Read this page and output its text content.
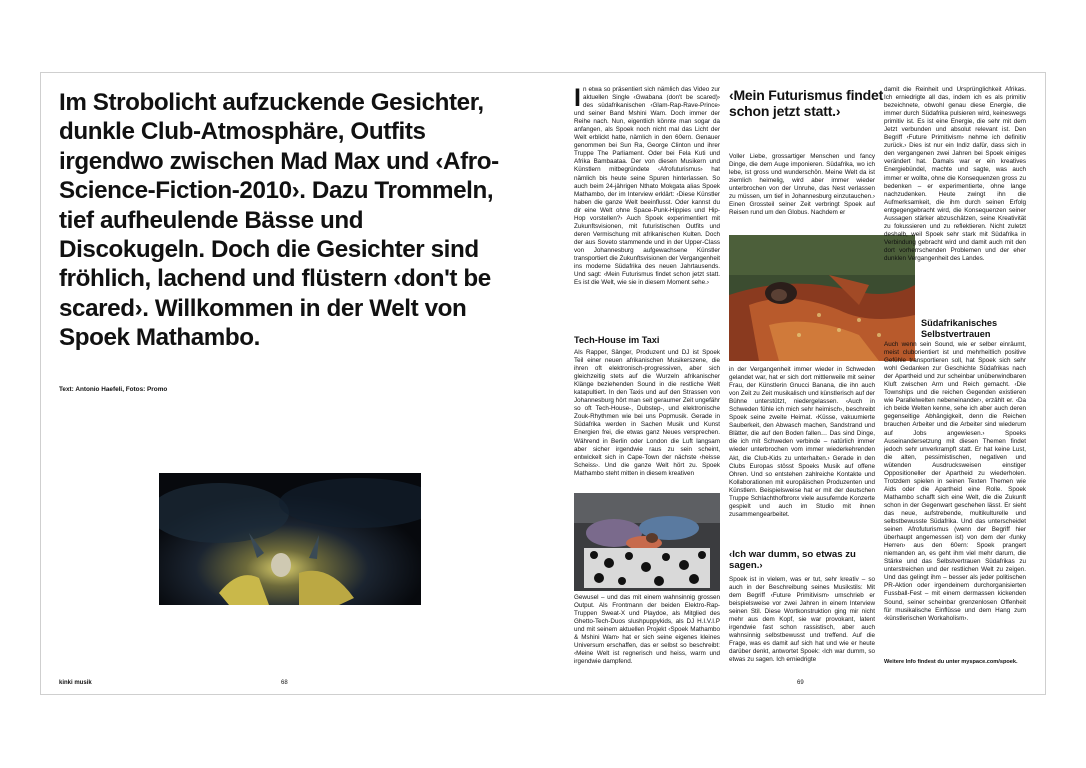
Im Strobolicht aufzuckende Gesichter, dunkle Club-Atmosphäre, Outfits irgendwo zwischen Mad Max und ‹Afro-Science-Fiction-2010›. Dazu Trommeln, tief aufheulende Bässe und Discokugeln. Doch die Gesichter sind fröhlich, lachend und flüstern ‹don't be scared›. Willkommen in der Welt von Spoek Mathambo.

Text: Antonio Haefeli, Fotos: Promo

kinki musik	68
I n etwa so präsentiert sich nämlich das Video zur aktuellen Single ‹Gwabana (don't be scared)› des südafrikanischen ‹Glam-Rap-Rave-Prince› und seiner Band Mshini Wam. Doch immer der Reihe nach. Nun, eigentlich könnte man sogar da anfangen, als Spoek noch nicht mal das Licht der Welt erblickt hatte, nämlich in den 60ern. Genauer genommen bei Sun Ra, George Clinton und ihrer Truppe The Parliament. Oder bei Fela Kuti und Afrika Bambaataa. Der von diesen Musikern und Künstlern mitbegründete ‹Afrofuturismus› hat nämlich bis heute seine Spuren hinterlassen. So auch beim 24-jährigen Nthato Mokgata alias Spoek Mathambo, der im Interview erklärt: ‹Diese Künstler haben die ganze Welt beeinflusst. Oder kannst du dir eine Welt ohne Space-Punk-Hippies und Hip-Hop vorstellen?› Auch Spoek experimentiert mit Zukunftsvisionen, mit futuristischen Outfits und deren Vermischung mit afrikanischen Kulten. Doch der aus Soveto stammende und in der Upper-Class von Johannesburg aufgewachsene Künstler transportiert die Zukunftsvisionen der Vergangenheit ins moderne Südafrika des neuen Jahrtausends. Und sagt: ‹Mein Futurismus findet schon jetzt statt. Es ist die Welt, wie sie in diesem Moment sehe.›
Tech-House im Taxi
Als Rapper, Sänger, Produzent und DJ ist Spoek Teil einer neuen afrikanischen Musikerszene, die ihren oft elektronisch-progressiven, aber sich gleichzeitig stets auf die Wurzeln afrikanischer Klänge beziehenden Sound in die restliche Welt katapultiert. In den Taxis und auf den Strassen von Johannesburg hört man seit geraumer Zeit ungefähr so oft Tech-House-, Dubstep-, und elektronische Zouk-Rhythmen wie bei uns Popmusik. Gerade in Südafrika werden in Sachen Musik und Kunst Energien frei, die etwas ganz Neues versprechen. Während in Berlin oder London die Luft langsam aber sicher irgendwie raus zu sein scheint, entwickelt sich in Cape-Town der nächste ‹heisse Scheiss›. Und die ganze Welt hört zu. Spoek Mathambo steht mitten in diesem kreativen
Gewusel – und das mit einem wahnsinnig grossen Output. Als Frontmann der beiden Elektro-Rap-Truppen Sweat-X und Playdoe, als Mitglied des Ghetto-Tech-Duos slushpuppykids, als DJ H.I.V.I.P und mit seinem aktuellen Projekt ‹Spoek Mathambo & Mshini Wam› hat er sich seine eigenes kleines Universum erschaffen, das er selbst so beschreibt: ‹Meine Welt ist regnerisch und heiss, warm und irgendwie dampfend.
69
‹Mein Futurismus findet schon jetzt statt.›
Voller Liebe, grossartiger Menschen und fancy Dinge, die dem Auge imponieren. Südafrika, wo ich lebe, ist gross und wunderschön. Meine Welt da ist ziemlich heimelig, wird aber immer wieder unterbrochen von der Unruhe, das Nest verlassen zu müssen, um tief in Johannesburg einzutauchen.› Einen Grossteil seiner Zeit verbringt Spoek auf Reisen rund um den Globus. Nachdem er
in der Vergangenheit immer wieder in Schweden gelandet war, hat er sich dort mittlerweile mit seiner Frau, der Künstlerin Gnucci Banana, die ihn auch von Zeit zu Zeit musikalisch und künstlerisch auf der Bühne unterstützt, niedergelassen. ‹Auch in Schweden fühle ich mich sehr heimisch›, beschreibt Spoek seine zweite Heimat. ‹Küsse, vakuumierte Sauberkeit, den Abwasch machen, Sandstrand und Blätter, die auf den Boden fallen… Das sind Dinge, die ich mit Schweden verbinde – natürlich immer wieder unterbrochen vom immer wiederkehrenden Akt, die Club-Kids zu unterhalten.› Gerade in den Clubs Europas stösst Spoeks Musik auf offene Ohren. Und so entstehen zahlreiche Kontakte und Kollaborationen mit europäischen Produzenten und Künstlern. Beispielsweise hat er mit der deutschen Truppe Schlachthofbronx viele ausufernde Konzerte gespielt und auch im Studio mit ihnen zusammengearbeitet.
‹Ich war dumm, so etwas zu sagen.›
Spoek ist in vielem, was er tut, sehr kreativ – so auch in der Beschreibung seines Musikstils: Mit dem Begriff ‹Future Primitivism› umschrieb er beispielsweise vor zwei Jahren in einem Interview seinen Stil. Diese Wortkonstruktion ging mir nicht mehr aus dem Kopf, sie war provokant, latent irgendwie fast schon rassistisch, aber auch wahnsinnig selbstbewusst und treffend. Auf die Frage, was es damit auf sich hat und wie er heute darüber denkt, antwortet Spoek: ‹Ich war dumm, so etwas zu sagen. Ich erniedrigte
damit die Reinheit und Ursprünglichkeit Afrikas. Ich erniedrigte all das, indem ich es als primitiv bezeichnete, obwohl genau diese Energie, die immer durch Südafrika pulsieren wird, keineswegs primitiv ist. Es ist eine Energie, die sehr mit dem Jetzt verbunden und absolut relevant ist. Den Begriff ‹Future Primitivism› nehme ich definitiv zurück.› Dies ist nur ein Indiz dafür, dass sich in den vergangenen zwei Jahren bei Spoek einiges verändert hat. Damals war er ein kreatives Energiebündel, machte und sagte, was auch immer er wollte, ohne die Konsequenzen gross zu bedenken – er experimentierte, ohne lange nachzudenken. Heute zwingt ihn die Aufmerksamkeit, die ihm durch seinen Erfolg entgegengebracht wird, die Konsequenzen seiner Aussagen stärker abzuschätzen, seine Kreativität zu fokussieren und zu reflektieren. Nicht zuletzt deshalb, weil Spoek sehr stark mit Südafrika in Verbindung gebracht wird und damit auch mit den dort vorherrschenden Problemen und der eher dunklen Vergangenheit des Landes.
Südafrikanisches Selbstvertrauen
Auch wenn sein Sound, wie er selber einräumt, meist cluborientiert ist und mehrheitlich positive Gefühle transportieren soll, hat Spoek sich sehr wohl Gedanken zur Geschichte Südafrikas nach der Apartheid und zur scheinbar unüberwindbaren Kluft zwischen Arm und Reich gemacht. ‹Die Townships und die reichen Gegenden existieren wie Parallelwelten nebeneinander›, erzählt er. ‹Da ich beide Welten kenne, sehe ich aber auch deren gegenseitige Abhängigkeit, denn die Reichen brauchen Arbeiter und die Arbeiter sind wiederum auf Jobs angewiesen.› Spoeks Auseinandersetzung mit diesen Themen findet jedoch sehr unverkrampft statt. Er hat keine Lust, die alten, pessimistischen, negativen und wütenden Ausdrucksweisen einstiger Oppositioneller der Apartheid zu wiederholen. Trotzdem spielen in seinen Texten Themen wie Aids oder die Apartheid eine Rolle. Spoek Mathambo schafft sich eine Welt, die die Zukunft schon in der Gegenwart geschehen lässt. Er sieht das neue, aufstrebende, multikulturelle und selbstbewusste Südafrika. Und das unterscheidet seinen Afrofuturismus (wenn der Begriff hier überhaupt angemessen ist) von dem der ‹funky Herren› aus den 60ern: Spoek prangert niemanden an, es geht ihm viel mehr darum, die Stärke und das Selbstvertrauen Südafrikas zu unterstreichen und der restlichen Welt zu zeigen. Und das gelingt ihm – besser als jeder politischen PR-Aktion oder irgendeinem durchorganisierten Fussball-Fest – mit einem dermassen kickenden Sound, seiner scheinbar grenzenlosen Offenheit für musikalische Einflüsse und dem Hang zum ‹künstlerischen Workaholism›.
Weitere Info findest du unter myspace.com/spoek.
